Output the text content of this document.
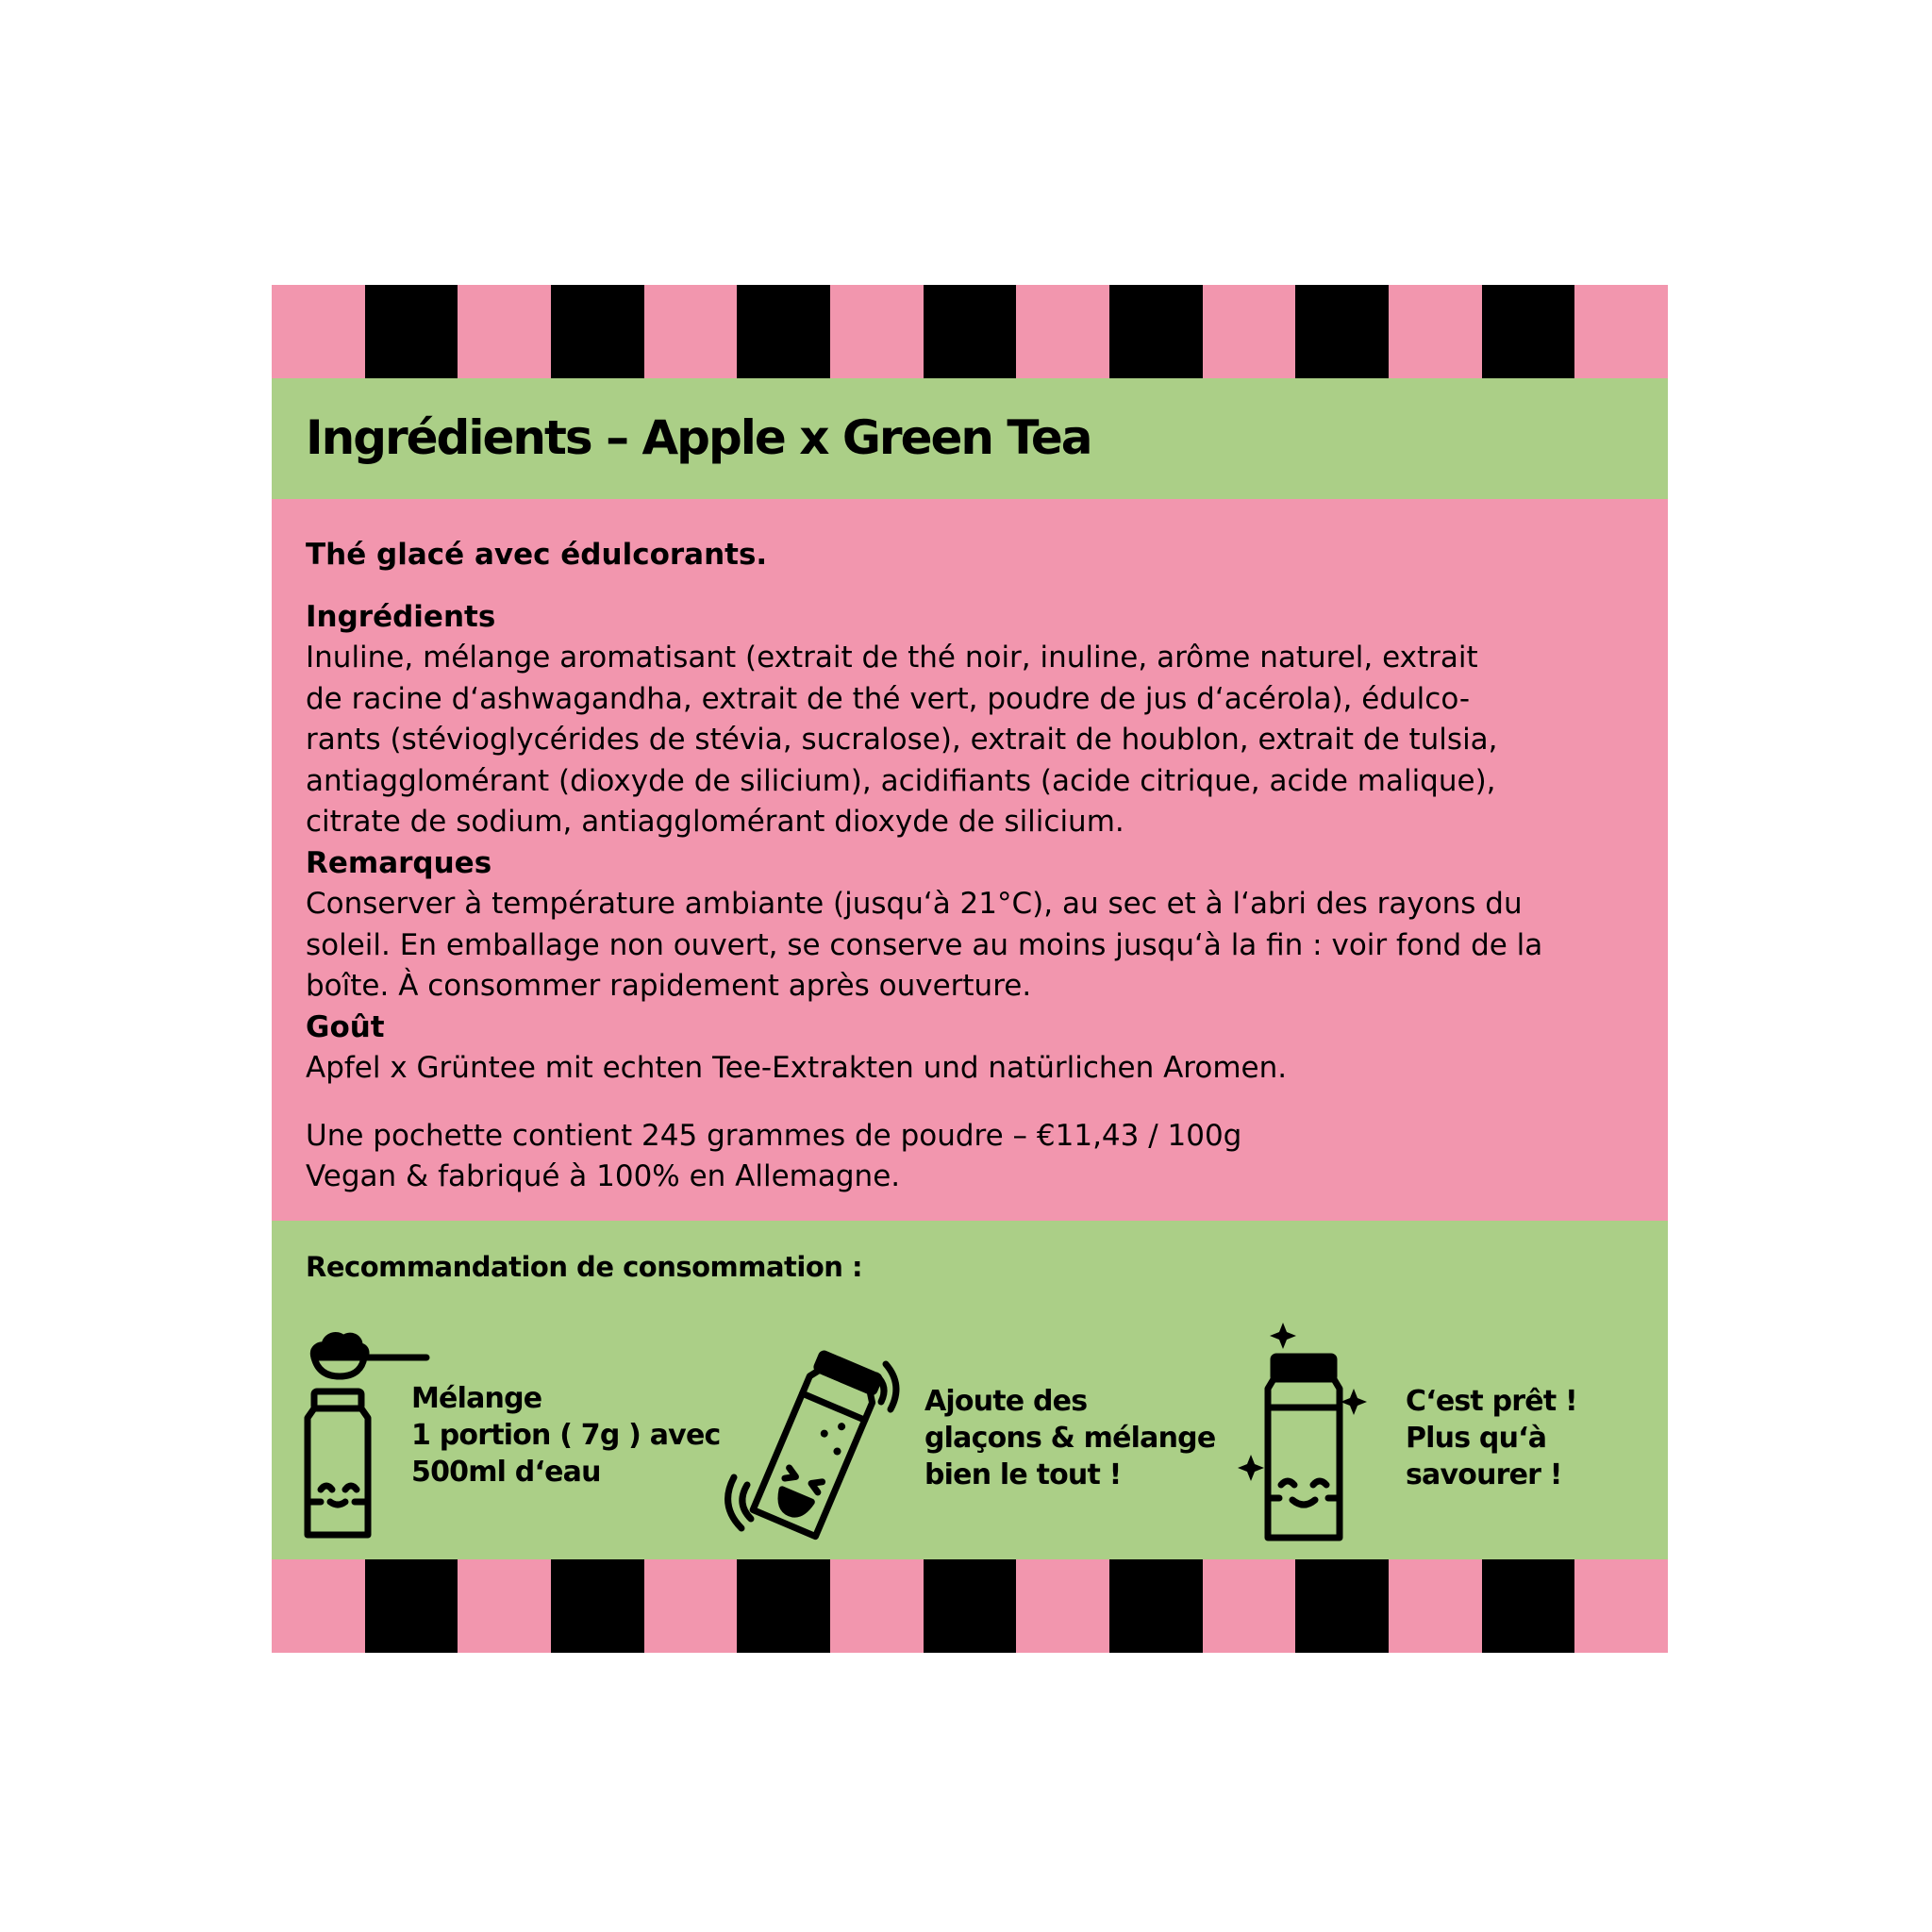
Ingrédients – Apple x Green Tea

Thé glacé avec édulcorants.

Ingrédients

Inuline, mélange aromatisant (extrait de thé noir, inuline, arôme naturel, extrait

de racine d‘ashwagandha, extrait de thé vert, poudre de jus d‘acérola), édulco-

rants (stévioglycérides de stévia, sucralose), extrait de houblon, extrait de tulsia,

antiagglomérant (dioxyde de silicium), acidifiants (acide citrique, acide malique),

citrate de sodium, antiagglomérant dioxyde de silicium.

Remarques

Conserver à température ambiante (jusqu‘à 21°C), au sec et à l‘abri des rayons du

soleil. En emballage non ouvert, se conserve au moins jusqu‘à la fin : voir fond de la

boîte. À consommer rapidement après ouverture.

Goût

Apfel x Grüntee mit echten Tee-Extrakten und natürlichen Aromen.

Une pochette contient 245 grammes de poudre – €11,43 / 100g

Vegan & fabriqué à 100% en Allemagne.

Recommandation de consommation :
Mélange
1 portion ( 7g ) avec
500ml d‘eau
Ajoute des
glaçons & mélange
bien le tout !
C‘est prêt !
Plus qu‘à
savourer !
